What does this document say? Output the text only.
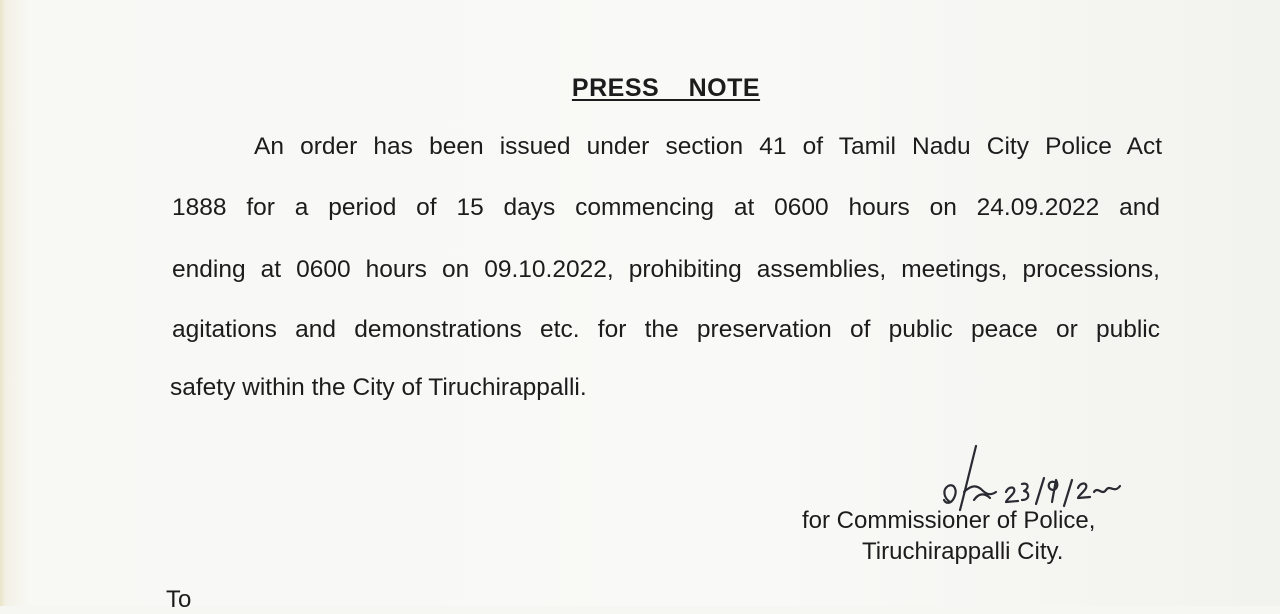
PRESS NOTE

An order has been issued under section 41 of Tamil Nadu City Police Act

1888 for a period of 15 days commencing at 0600 hours on 24.09.2022 and

ending at 0600 hours on 09.10.2022, prohibiting assemblies, meetings, processions,

agitations and demonstrations etc. for the preservation of public peace or public

safety within the City of Tiruchirappalli.

for Commissioner of Police,
Tiruchirappalli City.
To
